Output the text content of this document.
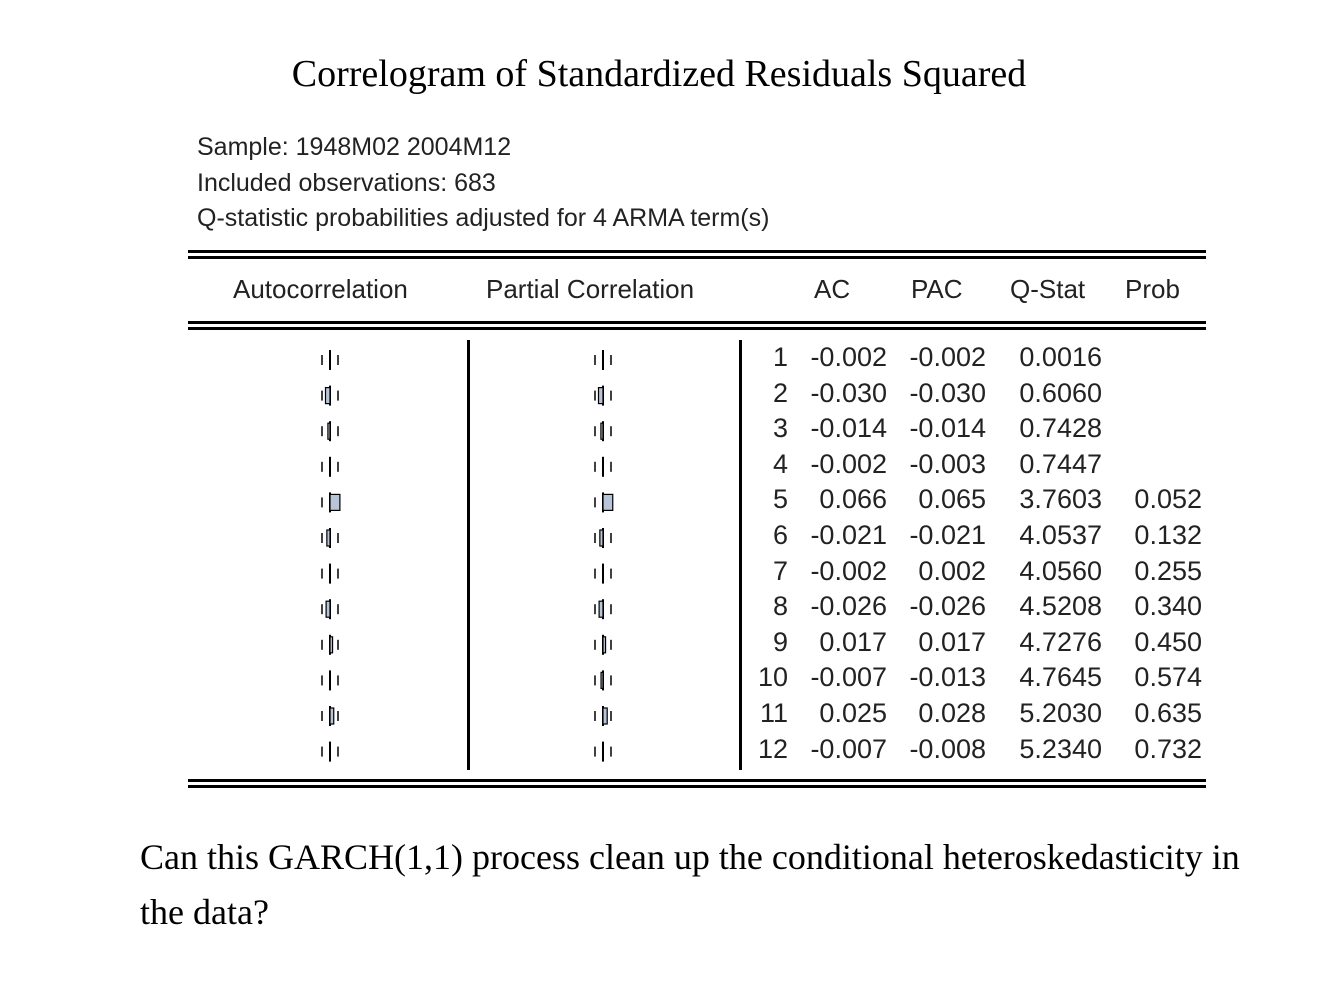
Correlogram of Standardized Residuals Squared
Sample: 1948M02 2004M12
Included observations: 683
Q-statistic probabilities adjusted for 4 ARMA term(s)
Autocorrelation	Partial Correlation	AC PAC Q-Stat Prob
1 -0.002 -0.002 0.0016
2 -0.030 -0.030 0.6060
3 -0.014 -0.014 0.7428
4 -0.002 -0.003 0.7447
5 0.066 0.065 3.7603 0.052
6 -0.021 -0.021 4.0537 0.132
7 -0.002 0.002 4.0560 0.255
8 -0.026 -0.026 4.5208 0.340
9 0.017 0.017 4.7276 0.450
10 -0.007 -0.013 4.7645 0.574
11 0.025 0.028 5.2030 0.635
12 -0.007 -0.008 5.2340 0.732
Can this GARCH(1,1) process clean up the conditional heteroskedasticity in the data?
